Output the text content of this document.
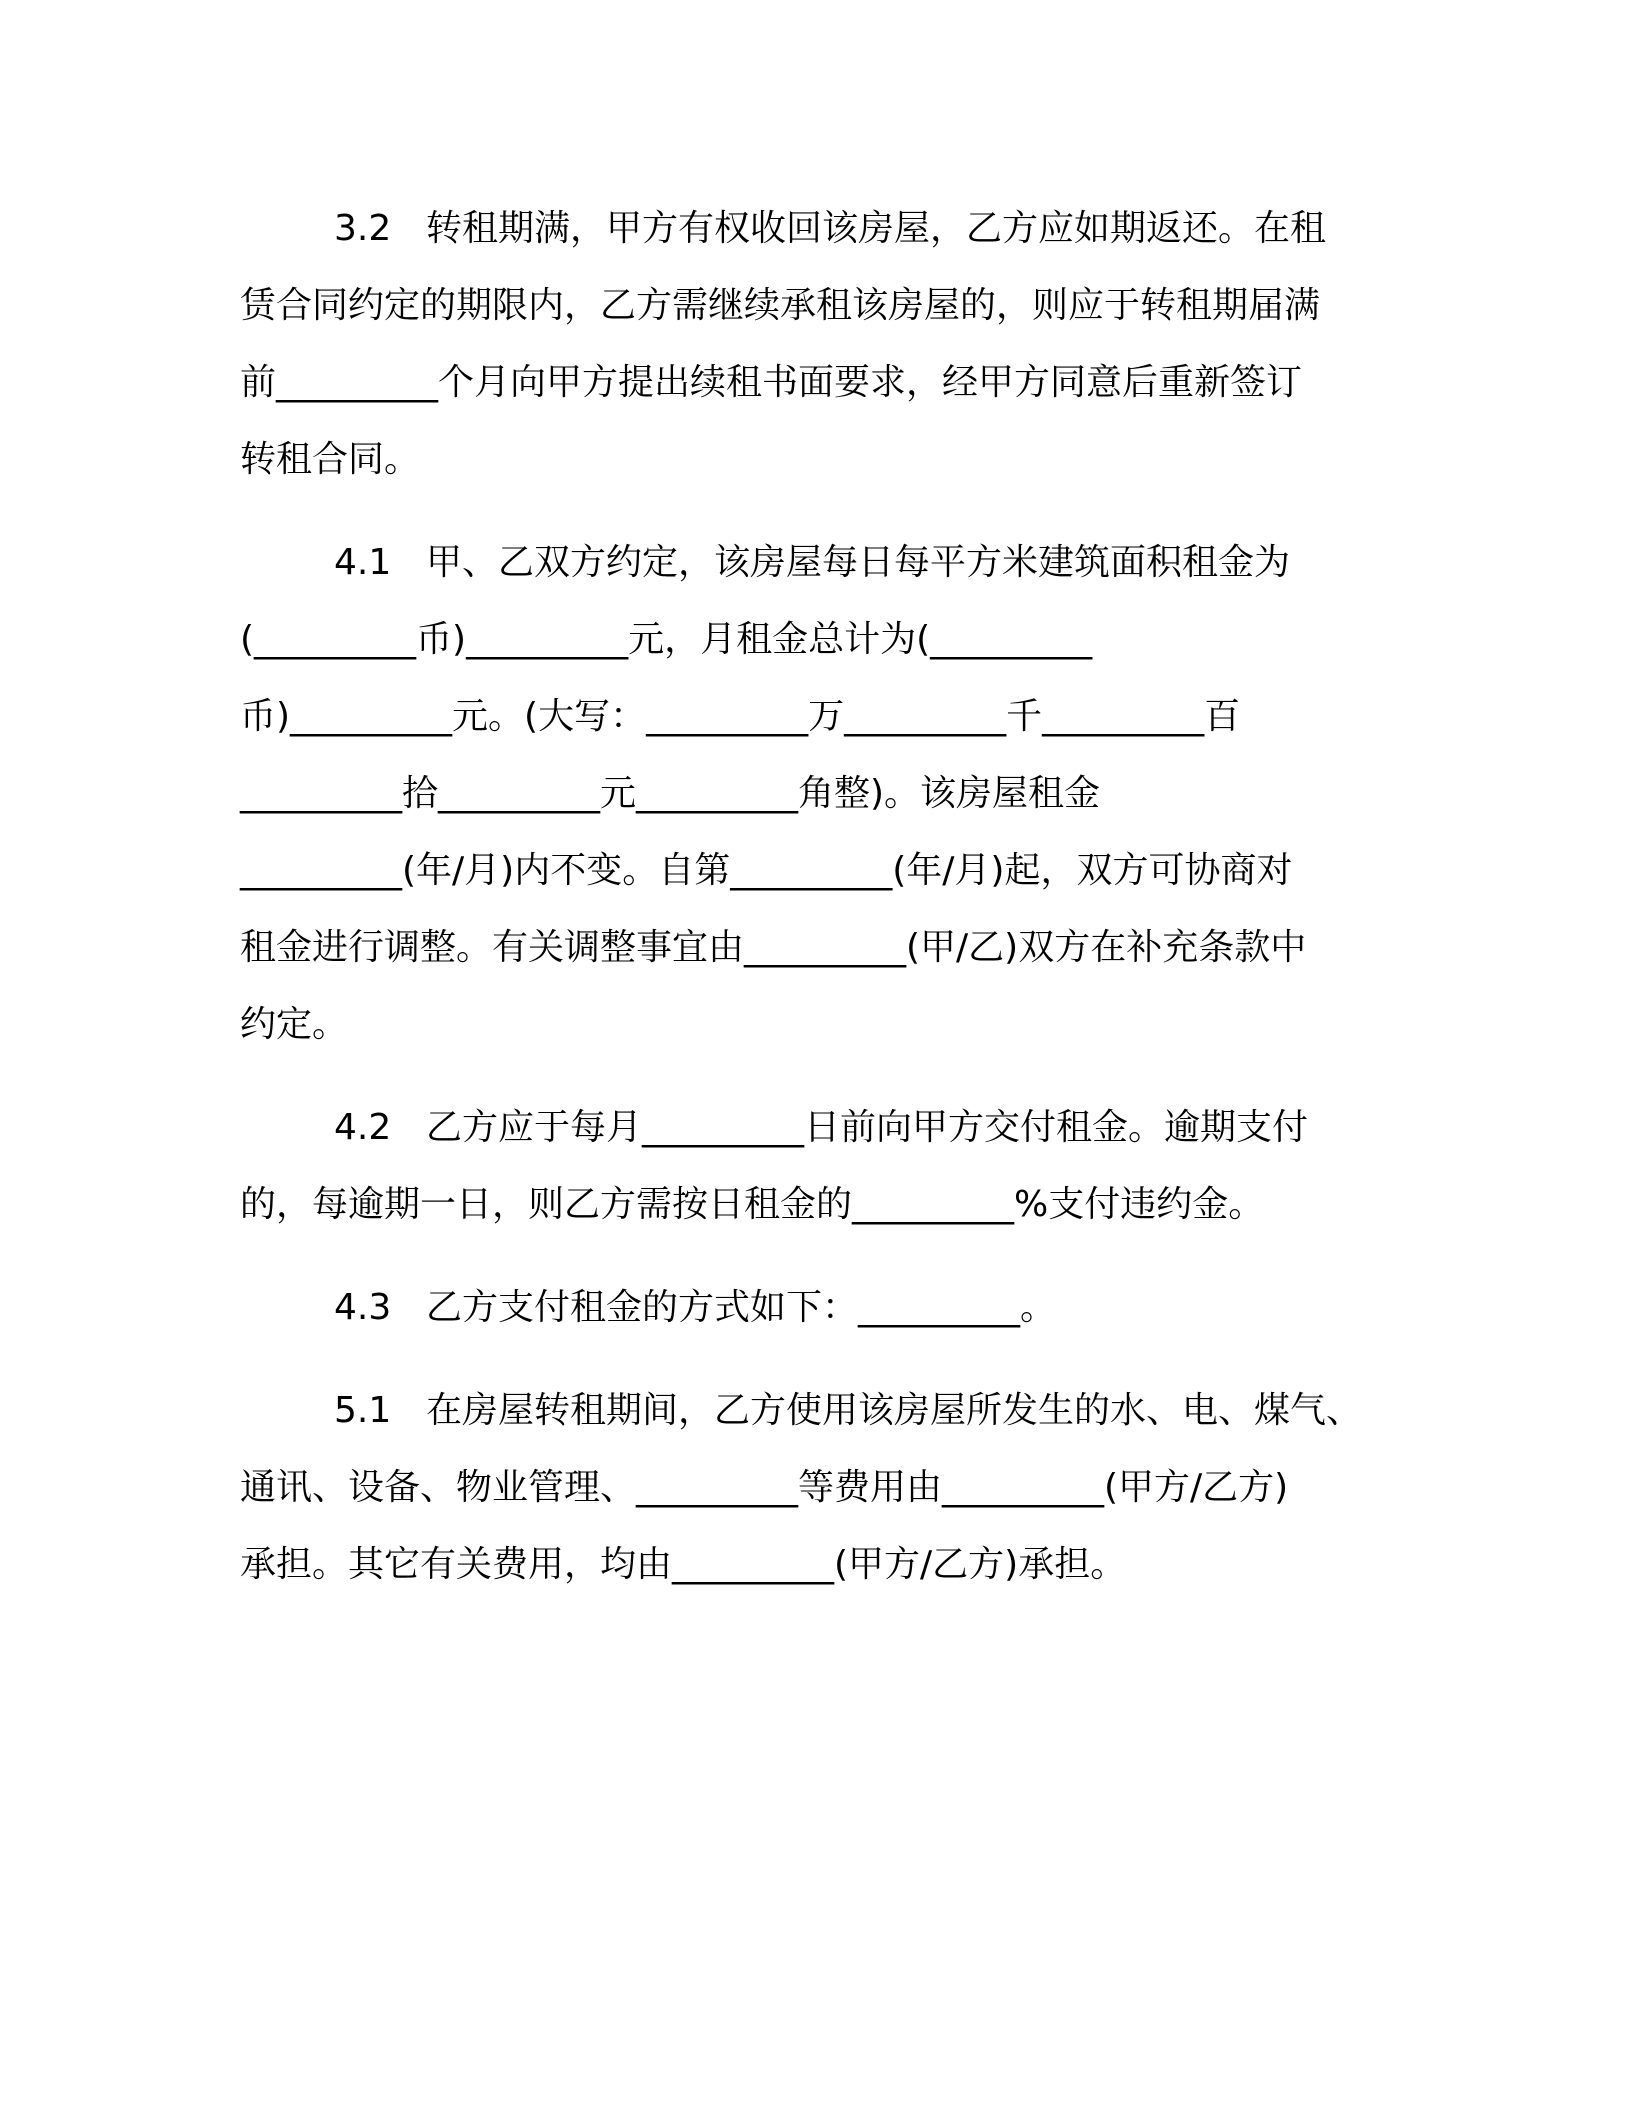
3.2 转租期满，甲方有权收回该房屋，乙方应如期返还。在租
赁合同约定的期限内，乙方需继续承租该房屋的，则应于转租期届满
前_________个月向甲方提出续租书面要求，经甲方同意后重新签订
转租合同。
4.1 甲、乙双方约定，该房屋每日每平方米建筑面积租金为
(_________币)_________元，月租金总计为(_________
币)_________元。(大写：_________万_________千_________百
_________拾_________元_________角整)。该房屋租金
_________(年/月)内不变。自第_________(年/月)起，双方可协商对
租金进行调整。有关调整事宜由_________(甲/乙)双方在补充条款中
约定。
4.2 乙方应于每月_________日前向甲方交付租金。逾期支付
的，每逾期一日，则乙方需按日租金的_________%支付违约金。
4.3 乙方支付租金的方式如下：_________。
5.1 在房屋转租期间，乙方使用该房屋所发生的水、电、煤气、
通讯、设备、物业管理、_________等费用由_________(甲方/乙方)
承担。其它有关费用，均由_________(甲方/乙方)承担。
